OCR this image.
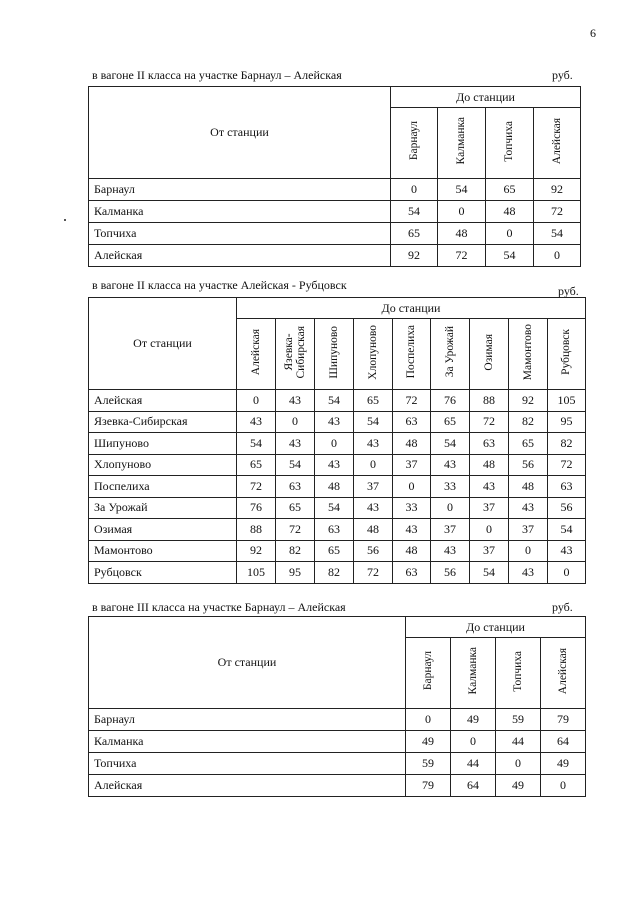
6
в вагоне II класса на участке Барнаул – Алейская	руб.
От станции	До станции			
	Барнаул	Калманка	Топчиха	Алейская
Барнаул	0	54	65	92
Калманка	54	0	48	72
Топчиха	65	48	0	54
Алейская	92	72	54	0
в вагоне II класса на участке Алейская - Рубцовск	руб.
От станции	До станции								
	Алейская	Язевка-
Сибирская	Шипуново	Хлопуново	Поспелиха	За Урожай	Озимая	Мамонтово	Рубцовск
Алейская	0	43	54	65	72	76	88	92	105
Язевка-Сибирская	43	0	43	54	63	65	72	82	95
Шипуново	54	43	0	43	48	54	63	65	82
Хлопуново	65	54	43	0	37	43	48	56	72
Поспелиха	72	63	48	37	0	33	43	48	63
За Урожай	76	65	54	43	33	0	37	43	56
Озимая	88	72	63	48	43	37	0	37	54
Мамонтово	92	82	65	56	48	43	37	0	43
Рубцовск	105	95	82	72	63	56	54	43	0
в вагоне III класса на участке Барнаул – Алейская	руб.
От станции	До станции			
	Барнаул	Калманка	Топчиха	Алейская
Барнаул	0	49	59	79
Калманка	49	0	44	64
Топчиха	59	44	0	49
Алейская	79	64	49	0
